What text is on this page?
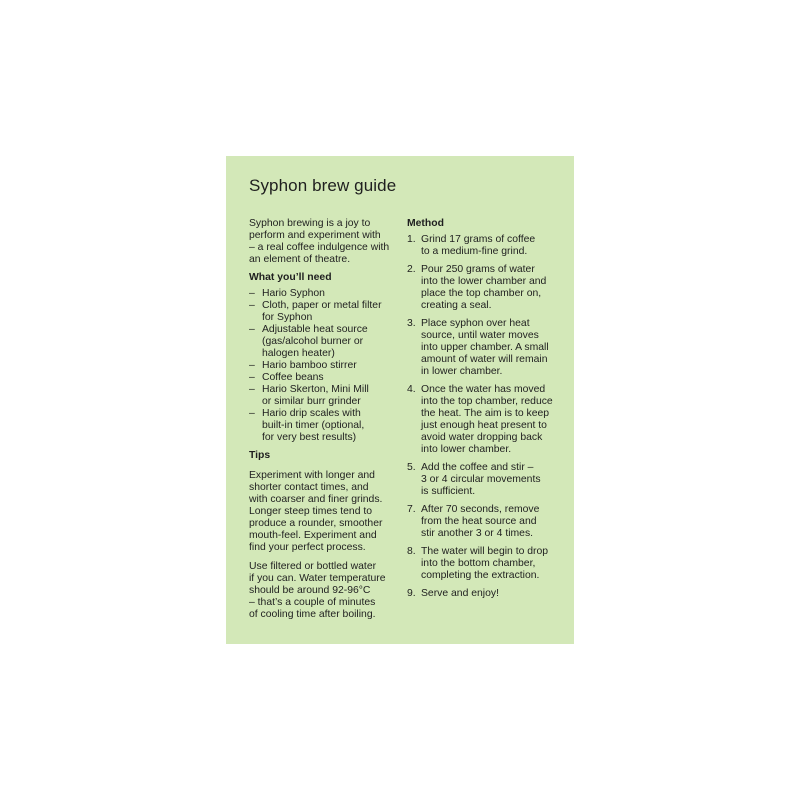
Syphon brew guide

Syphon brewing is a joy to
perform and experiment with
– a real coffee indulgence with
an element of theatre.

What you’ll need
– Hario Syphon
– Cloth, paper or metal filter
for Syphon
– Adjustable heat source
(gas/alcohol burner or
halogen heater)
– Hario bamboo stirrer
– Coffee beans
– Hario Skerton, Mini Mill
or similar burr grinder
– Hario drip scales with
built-in timer (optional,
for very best results)
Tips

Experiment with longer and
shorter contact times, and
with coarser and finer grinds.
Longer steep times tend to
produce a rounder, smoother
mouth-feel. Experiment and
find your perfect process.

Use filtered or bottled water
if you can. Water temperature
should be around 92-96°C
– that’s a couple of minutes
of cooling time after boiling.

Method
1. Grind 17 grams of coffee
to a medium-fine grind.
2. Pour 250 grams of water
into the lower chamber and
place the top chamber on,
creating a seal.
3. Place syphon over heat
source, until water moves
into upper chamber. A small
amount of water will remain
in lower chamber.
4. Once the water has moved
into the top chamber, reduce
the heat. The aim is to keep
just enough heat present to
avoid water dropping back
into lower chamber.
5. Add the coffee and stir –
3 or 4 circular movements
is sufficient.
7. After 70 seconds, remove
from the heat source and
stir another 3 or 4 times.
8. The water will begin to drop
into the bottom chamber,
completing the extraction.
9. Serve and enjoy!
